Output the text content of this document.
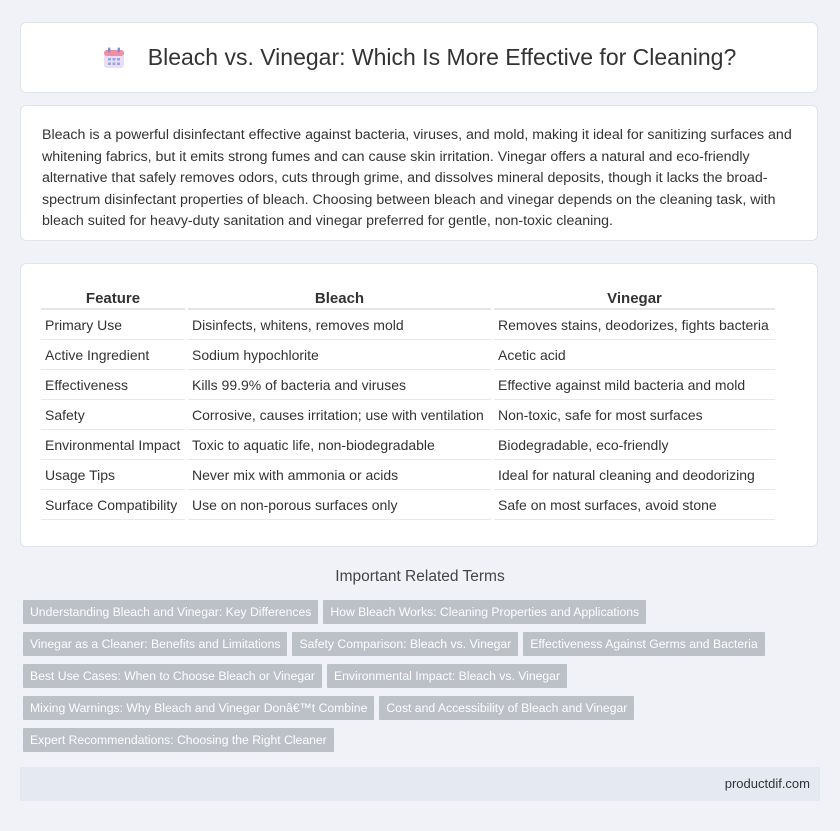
Bleach vs. Vinegar: Which Is More Effective for Cleaning?

Bleach is a powerful disinfectant effective against bacteria, viruses, and mold, making it ideal for sanitizing surfaces and whitening fabrics, but it emits strong fumes and can cause skin irritation. Vinegar offers a natural and eco-friendly alternative that safely removes odors, cuts through grime, and dissolves mineral deposits, though it lacks the broad-spectrum disinfectant properties of bleach. Choosing between bleach and vinegar depends on the cleaning task, with bleach suited for heavy-duty sanitation and vinegar preferred for gentle, non-toxic cleaning.

Feature	Bleach	Vinegar
Primary Use	Disinfects, whitens, removes mold	Removes stains, deodorizes, fights bacteria
Active Ingredient	Sodium hypochlorite	Acetic acid
Effectiveness	Kills 99.9% of bacteria and viruses	Effective against mild bacteria and mold
Safety	Corrosive, causes irritation; use with ventilation	Non-toxic, safe for most surfaces
Environmental Impact	Toxic to aquatic life, non-biodegradable	Biodegradable, eco-friendly
Usage Tips	Never mix with ammonia or acids	Ideal for natural cleaning and deodorizing
Surface Compatibility	Use on non-porous surfaces only	Safe on most surfaces, avoid stone
Important Related Terms
Understanding Bleach and Vinegar: Key Differences How Bleach Works: Cleaning Properties and Applications
Vinegar as a Cleaner: Benefits and Limitations Safety Comparison: Bleach vs. Vinegar Effectiveness Against Germs and Bacteria
Best Use Cases: When to Choose Bleach or Vinegar Environmental Impact: Bleach vs. Vinegar
Mixing Warnings: Why Bleach and Vinegar Donâ€™t Combine Cost and Accessibility of Bleach and Vinegar
Expert Recommendations: Choosing the Right Cleaner
productdif.com
